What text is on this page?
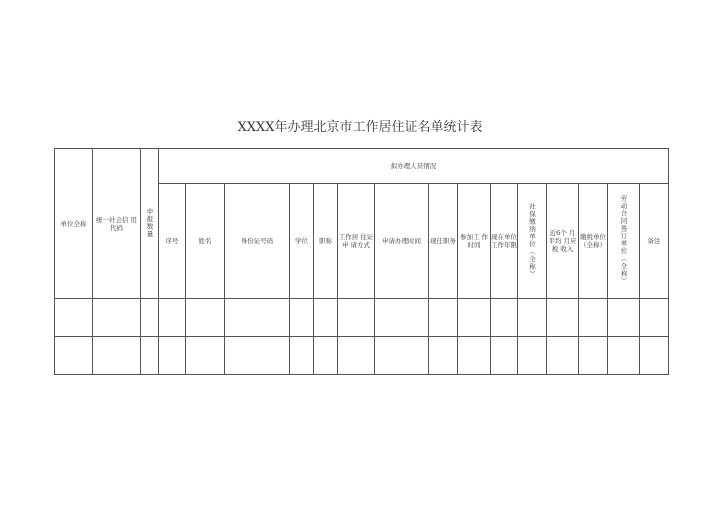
XXXX年办理北京市工作居住证名单统计表
单位全称	统一社会信 用代码	申报数量	拟办理人员情况														
			序号	姓名	身份证号码	学位	职称	工作居 住证申 请方式	申请办理时间	现任职务	参加工 作时间	现在单位 工作年限	社保缴纳单位（全称）	近6个 月平均 月应税 收入	缴税单位（全称）	劳动合同签订单位（全称）	备注
